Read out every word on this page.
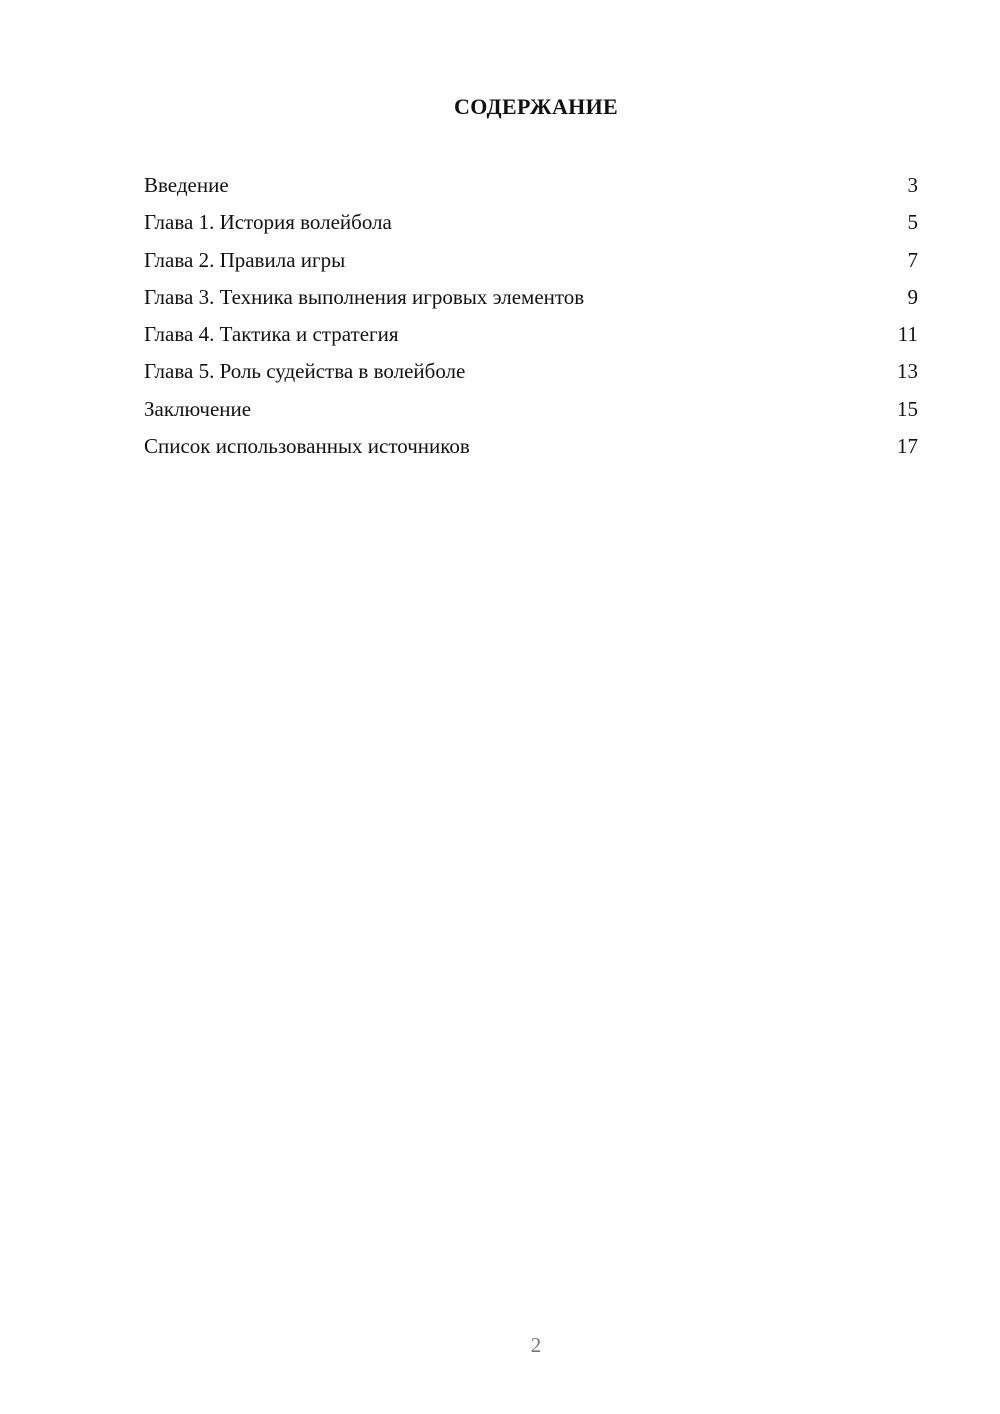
СОДЕРЖАНИЕ
Введение	3
Глава 1. История волейбола	5
Глава 2. Правила игры	7
Глава 3. Техника выполнения игровых элементов	9
Глава 4. Тактика и стратегия	11
Глава 5. Роль судейства в волейболе	13
Заключение	15
Список использованных источников	17
2
